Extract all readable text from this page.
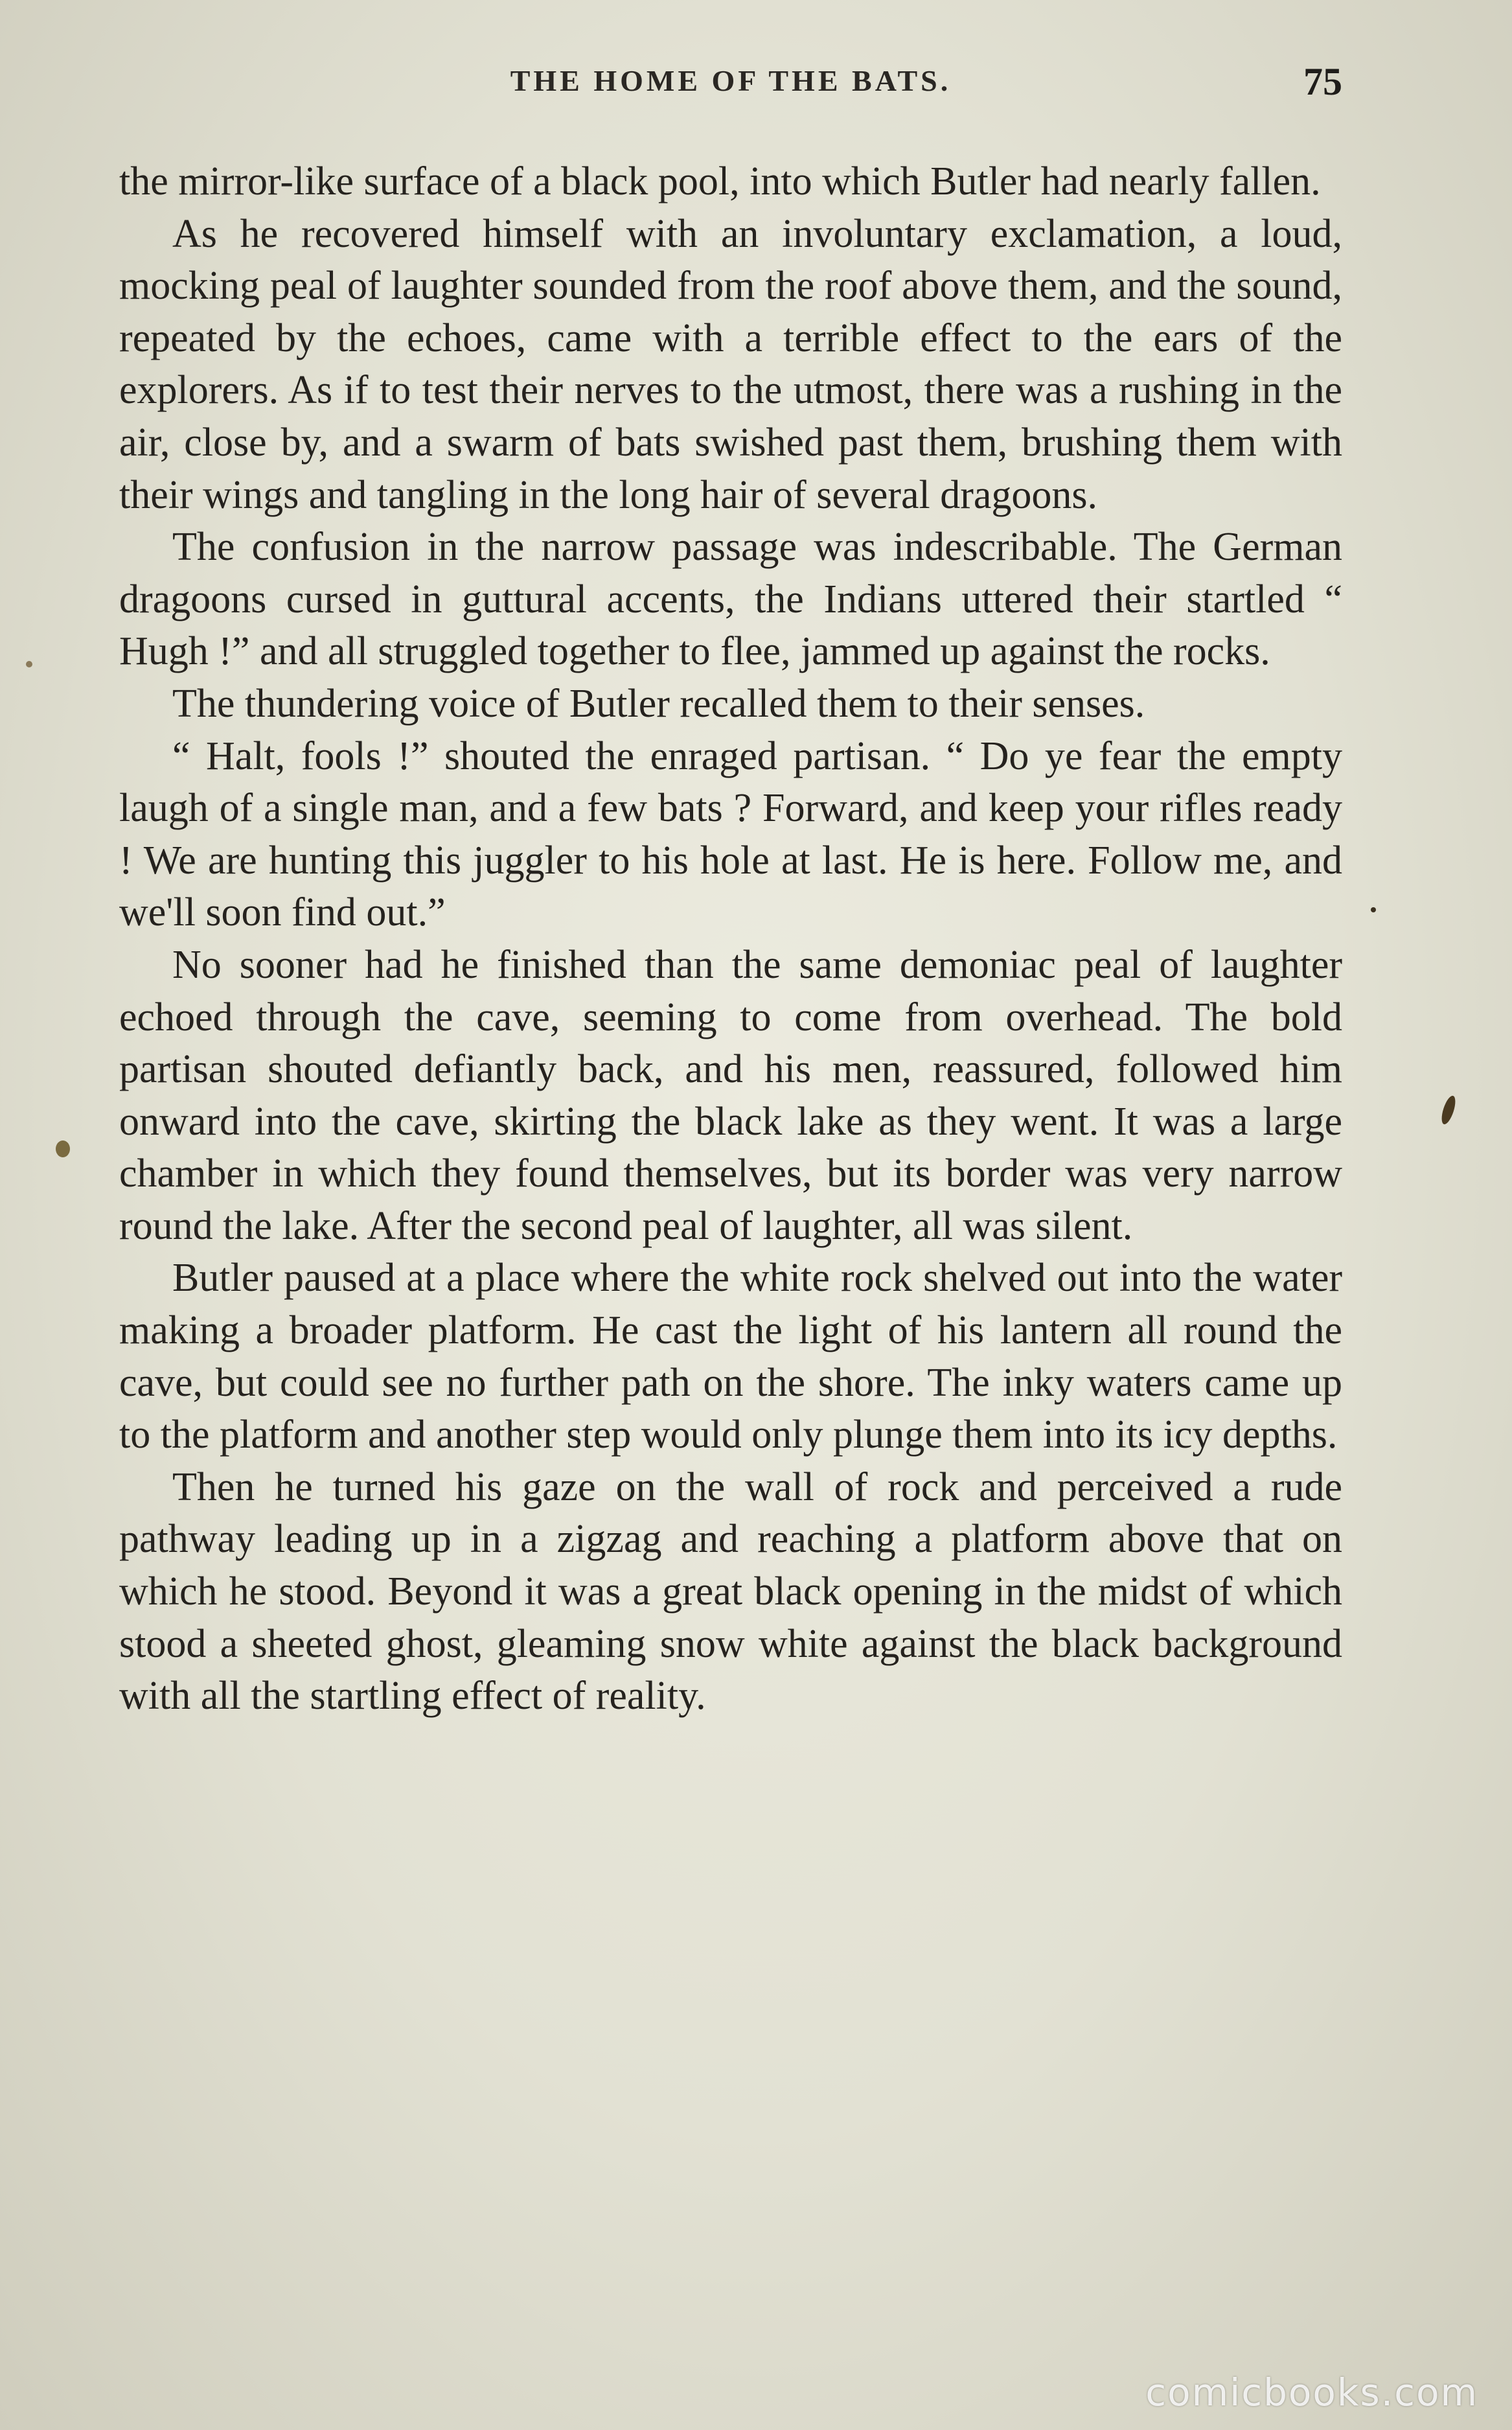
THE HOME OF THE BATS.	75

the mirror-like surface of a black pool, into which Butler had nearly fallen.

As he recovered himself with an involuntary exclamation, a loud, mocking peal of laughter sounded from the roof above them, and the sound, repeated by the echoes, came with a terrible effect to the ears of the explorers. As if to test their nerves to the utmost, there was a rushing in the air, close by, and a swarm of bats swished past them, brushing them with their wings and tangling in the long hair of several dragoons.

The confusion in the narrow passage was indescribable. The German dragoons cursed in guttural accents, the Indians uttered their startled “ Hugh !” and all struggled together to flee, jammed up against the rocks.

The thundering voice of Butler recalled them to their senses.

“ Halt, fools !” shouted the enraged partisan. “ Do ye fear the empty laugh of a single man, and a few bats ? Forward, and keep your rifles ready ! We are hunting this juggler to his hole at last. He is here. Follow me, and we'll soon find out.”

No sooner had he finished than the same demoniac peal of laughter echoed through the cave, seeming to come from overhead. The bold partisan shouted defiantly back, and his men, reassured, followed him onward into the cave, skirting the black lake as they went. It was a large chamber in which they found themselves, but its border was very narrow round the lake. After the second peal of laughter, all was silent.

Butler paused at a place where the white rock shelved out into the water making a broader platform. He cast the light of his lantern all round the cave, but could see no further path on the shore. The inky waters came up to the platform and another step would only plunge them into its icy depths.

Then he turned his gaze on the wall of rock and perceived a rude pathway leading up in a zigzag and reaching a platform above that on which he stood. Beyond it was a great black opening in the midst of which stood a sheeted ghost, gleaming snow white against the black background with all the startling effect of reality.

comicbooks.com
